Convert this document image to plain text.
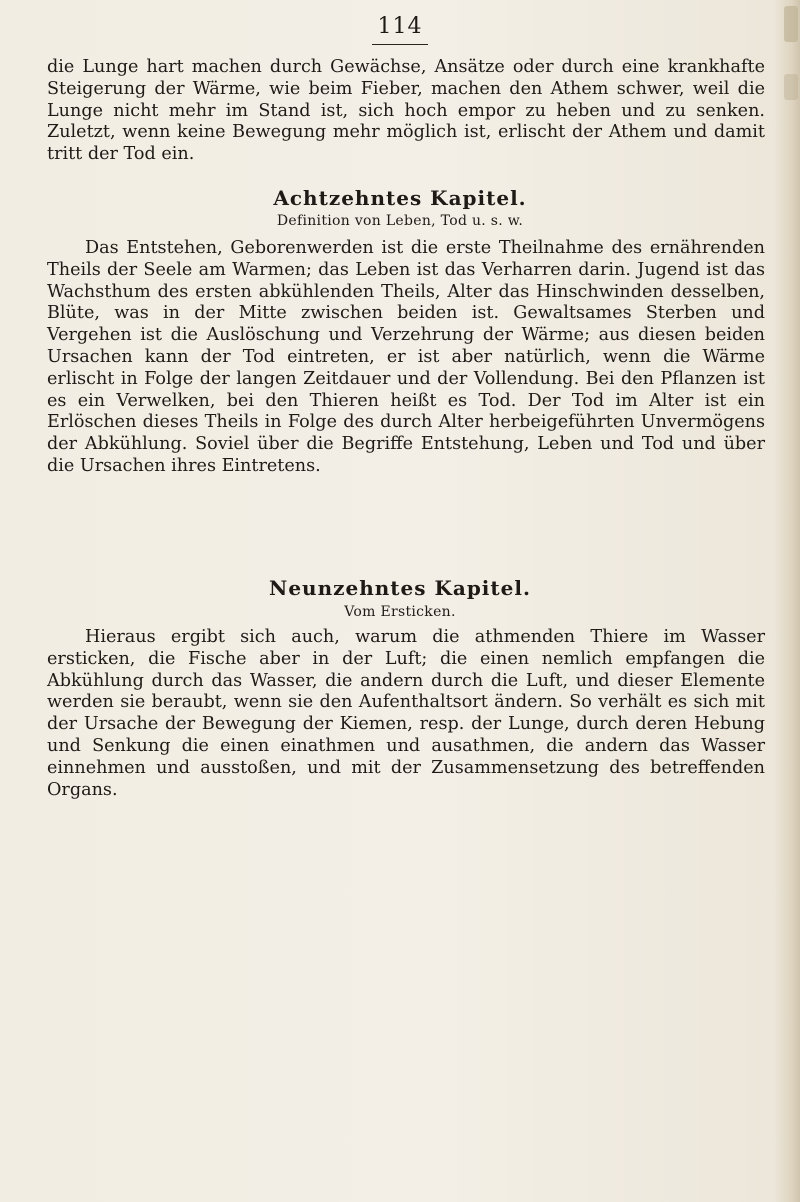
114

die Lunge hart machen durch Gewächse, Ansätze oder durch eine krankhafte Steigerung der Wärme, wie beim Fieber, machen den Athem schwer, weil die Lunge nicht mehr im Stand ist, sich hoch empor zu heben und zu senken. Zuletzt, wenn keine Bewegung mehr möglich ist, erlischt der Athem und damit tritt der Tod ein.

Achtzehntes Kapitel.
Definition von Leben, Tod u. s. w.

Das Entstehen, Geborenwerden ist die erste Theilnahme des ernährenden Theils der Seele am Warmen; das Leben ist das Verharren darin. Jugend ist das Wachsthum des ersten abkühlenden Theils, Alter das Hinschwinden desselben, Blüte, was in der Mitte zwischen beiden ist. Gewaltsames Sterben und Vergehen ist die Auslöschung und Verzehrung der Wärme; aus diesen beiden Ursachen kann der Tod eintreten, er ist aber natürlich, wenn die Wärme erlischt in Folge der langen Zeitdauer und der Vollendung. Bei den Pflanzen ist es ein Verwelken, bei den Thieren heißt es Tod. Der Tod im Alter ist ein Erlöschen dieses Theils in Folge des durch Alter herbeigeführten Unvermögens der Abkühlung. Soviel über die Begriffe Entstehung, Leben und Tod und über die Ursachen ihres Eintretens.

Neunzehntes Kapitel.
Vom Ersticken.

Hieraus ergibt sich auch, warum die athmenden Thiere im Wasser ersticken, die Fische aber in der Luft; die einen nemlich empfangen die Abkühlung durch das Wasser, die andern durch die Luft, und dieser Elemente werden sie beraubt, wenn sie den Aufenthaltsort ändern. So verhält es sich mit der Ursache der Bewegung der Kiemen, resp. der Lunge, durch deren Hebung und Senkung die einen einathmen und ausathmen, die andern das Wasser einnehmen und ausstoßen, und mit der Zusammensetzung des betreffenden Organs.
